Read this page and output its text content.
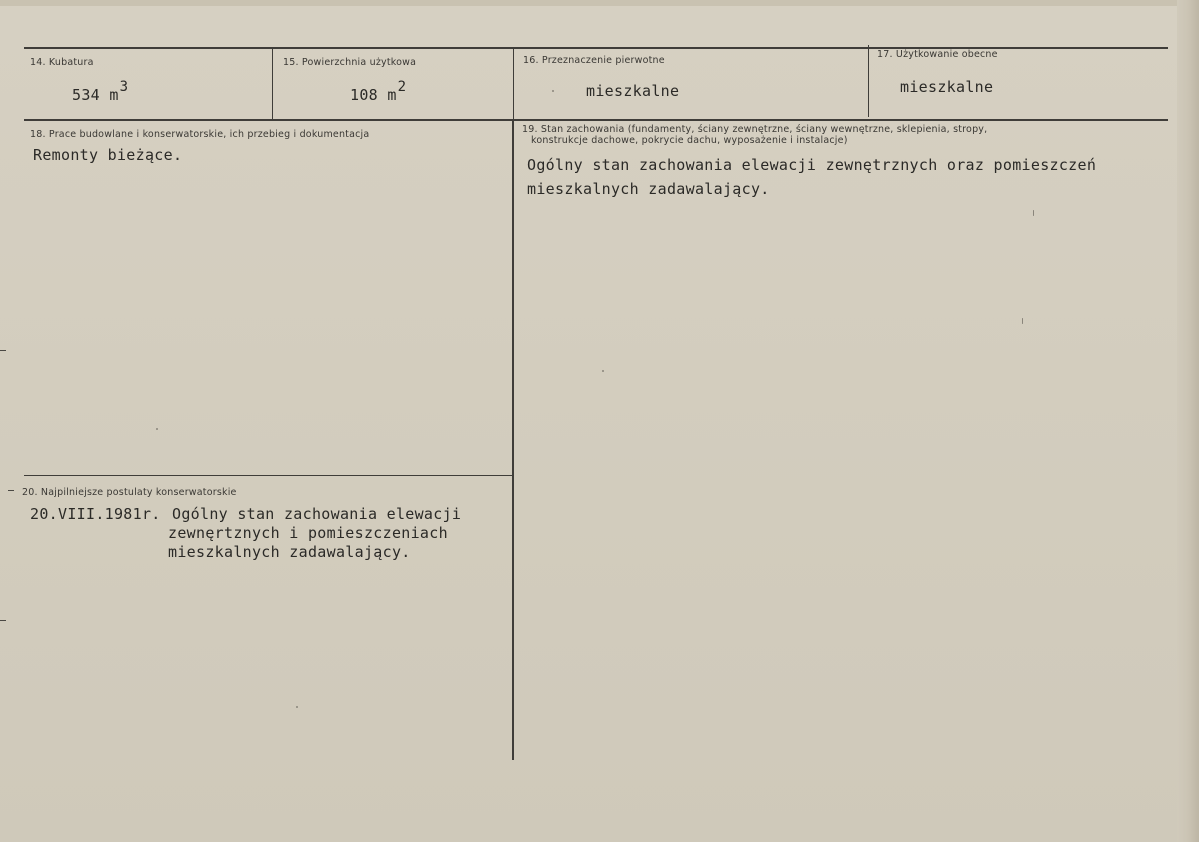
14. Kubatura
534 m3
15. Powierzchnia użytkowa
108 m2
16. Przeznaczenie pierwotne
mieszkalne
17. Użytkowanie obecne
mieszkalne
18. Prace budowlane i konserwatorskie, ich przebieg i dokumentacja
Remonty bieżące.
19. Stan zachowania (fundamenty, ściany zewnętrzne, ściany wewnętrzne, sklepienia, stropy,
konstrukcje dachowe, pokrycie dachu, wyposażenie i instalacje)
Ogólny stan zachowania elewacji zewnętrznych oraz pomieszczeń
mieszkalnych zadawalający.
20. Najpilniejsze postulaty konserwatorskie
20.VIII.1981r. Ogólny stan zachowania elewacji
zewnęrtznych i pomieszczeniach
mieszkalnych zadawalający.
